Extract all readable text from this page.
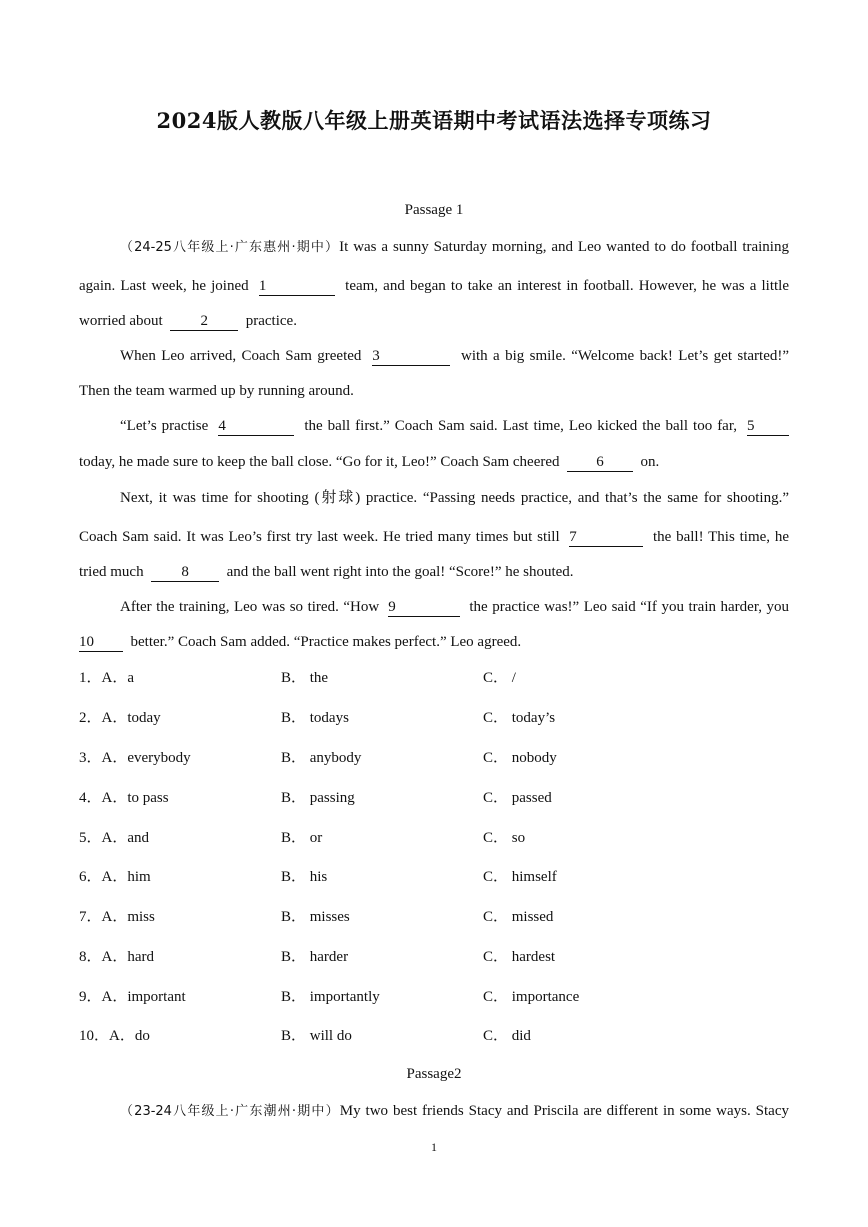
2024版人教版八年级上册英语期中考试语法选择专项练习
Passage 1
（24-25八年级上·广东惠州·期中）It was a sunny Saturday morning, and Leo wanted to do football training
again. Last week, he joined 1	team, and began to take an interest in football. However, he was a little
worried about	2	practice.
When Leo arrived, Coach Sam greeted 3	with a big smile. “Welcome back! Let’s get started!”
Then the team warmed up by running around.
“Let’s practise 4	the ball first.” Coach Sam said. Last time, Leo kicked the ball too far, 5
today, he made sure to keep the ball close. “Go for it, Leo!” Coach Sam cheered 6 on.
Next, it was time for shooting (射球) practice. “Passing needs practice, and that’s the same for shooting.”
Coach Sam said. It was Leo’s first try last week. He tried many times but still 7	the ball! This time, he
tried much	8	and the ball went right into the goal! “Score!” he shouted.
After the training, Leo was so tired. “How 9	the practice was!” Leo said “If you train harder, you
10 better.” Coach Sam added. “Practice makes perfect.” Leo agreed.
1．A．a	B． the	C． /
2．A．today	B． todays	C． today’s
3．A．everybody	B． anybody	C． nobody
4．A．to pass	B． passing	C． passed
5．A．and	B． or	C． so
6．A．him	B． his	C． himself
7．A．miss	B． misses	C． missed
8．A．hard	B． harder	C． hardest
9．A．important	B． importantly	C． importance
10．A．do	B． will do	C． did
Passage2
（23-24八年级上·广东潮州·期中）My two best friends Stacy and Priscila are different in some ways. Stacy
1
